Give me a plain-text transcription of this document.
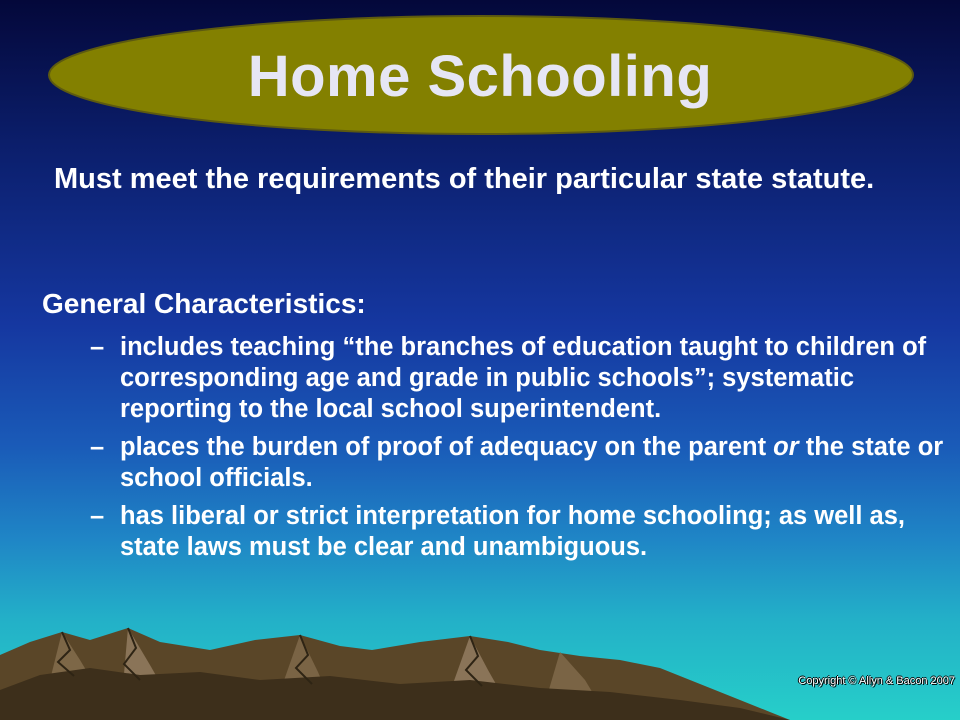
Home Schooling
Must meet the requirements of their particular state statute.
General Characteristics:
– includes teaching “the branches of education taught to children of corresponding age and grade in public schools”; systematic reporting to the local school superintendent.
– places the burden of proof of adequacy on the parent or the state or school officials.
– has liberal or strict interpretation for home schooling; as well as, state laws must be clear and unambiguous.
Copyright © Allyn & Bacon 2007
